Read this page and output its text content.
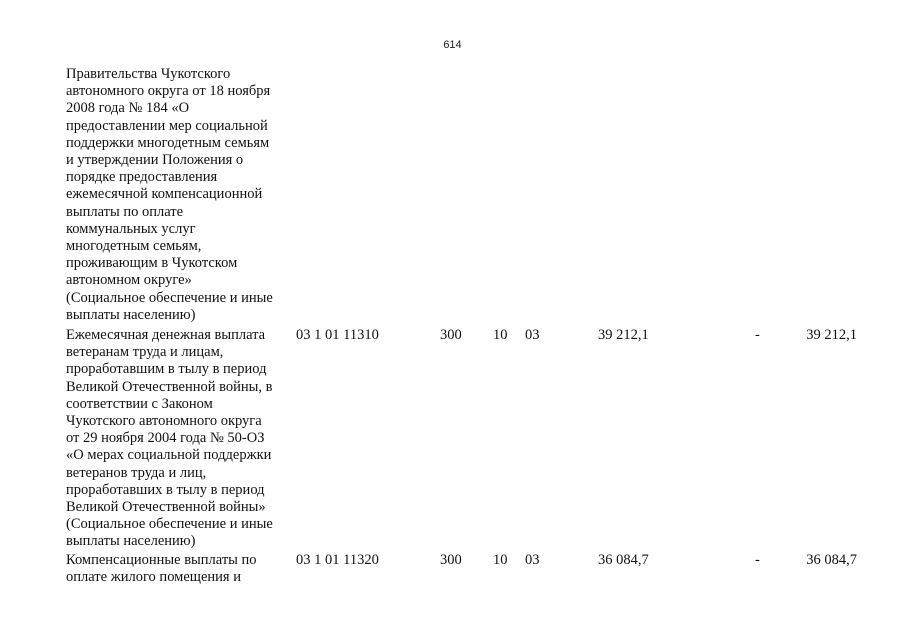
614
Правительства Чукотского
автономного округа от 18 ноября
2008 года № 184 «О
предоставлении мер социальной
поддержки многодетным семьям
и утверждении Положения о
порядке предоставления
ежемесячной компенсационной
выплаты по оплате
коммунальных услуг
многодетным семьям,
проживающим в Чукотском
автономном округе»
(Социальное обеспечение и иные
выплаты населению)
Ежемесячная денежная выплата
ветеранам труда и лицам,
проработавшим в тылу в период
Великой Отечественной войны, в
соответствии с Законом
Чукотского автономного округа
от 29 ноября 2004 года № 50-ОЗ
«О мерах социальной поддержки
ветеранов труда и лиц,
проработавших в тылу в период
Великой Отечественной войны»
(Социальное обеспечение и иные
выплаты населению)
03 1 01 11310	300 10 03	39 212,1	-	39 212,1
Компенсационные выплаты по
оплате жилого помещения и
03 1 01 11320	300 10 03	36 084,7	-	36 084,7
